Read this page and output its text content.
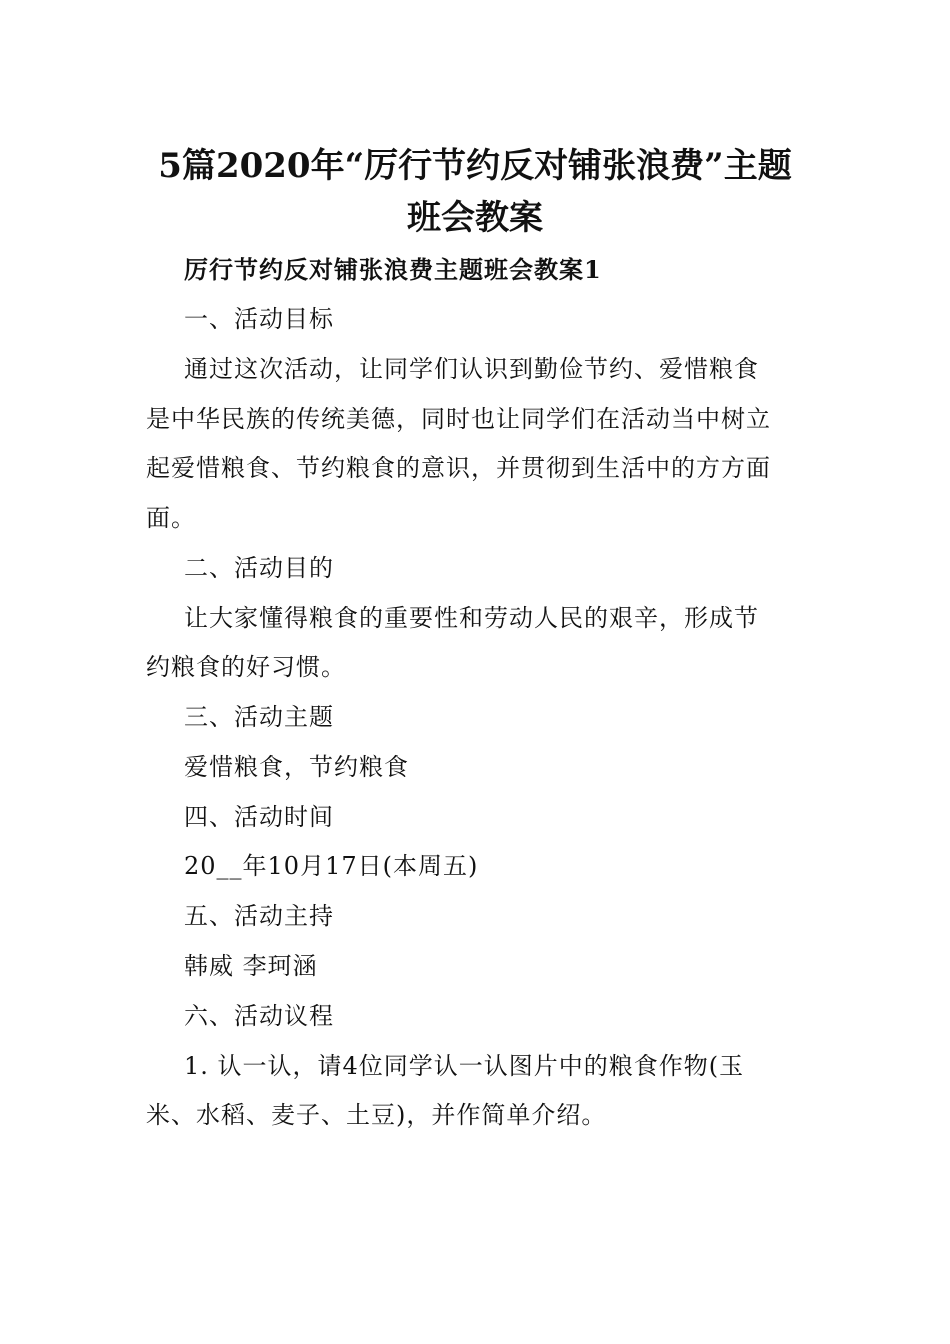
5篇2020年“厉行节约反对铺张浪费”主题
班会教案
厉行节约反对铺张浪费主题班会教案1
一、活动目标
通过这次活动，让同学们认识到勤俭节约、爱惜粮食
是中华民族的传统美德，同时也让同学们在活动当中树立
起爱惜粮食、节约粮食的意识，并贯彻到生活中的方方面
面。
二、活动目的
让大家懂得粮食的重要性和劳动人民的艰辛，形成节
约粮食的好习惯。
三、活动主题
爱惜粮食，节约粮食
四、活动时间
20__年10月17日(本周五)
五、活动主持
韩威 李珂涵
六、活动议程
1. 认一认，请4位同学认一认图片中的粮食作物(玉
米、水稻、麦子、土豆)，并作简单介绍。
